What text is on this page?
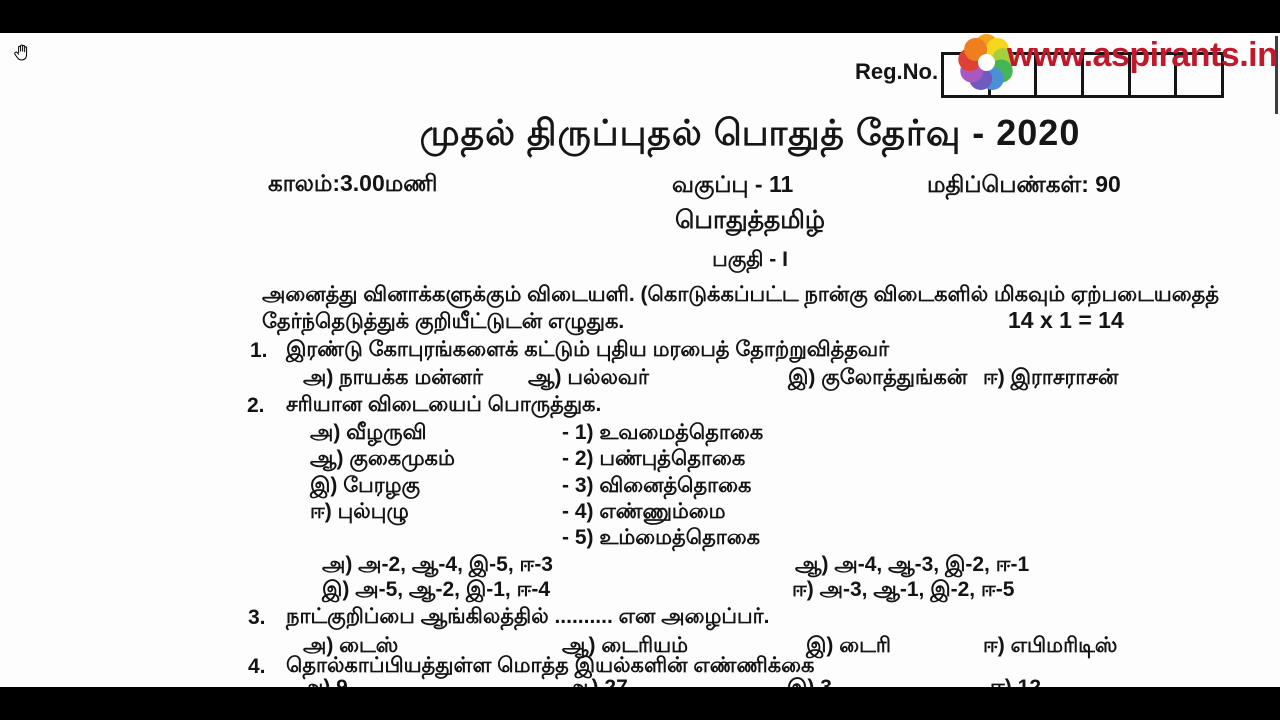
Reg.No. www.aspirants.in
முதல் திருப்புதல் பொதுத் தேர்வு - 2020
காலம்:3.00மணி	வகுப்பு - 11	மதிப்பெண்கள்: 90
பொதுத்தமிழ்
பகுதி - I
அனைத்து வினாக்களுக்கும் விடையளி. (கொடுக்கப்பட்ட நான்கு விடைகளில் மிகவும் ஏற்படையதைத்
தேர்ந்தெடுத்துக் குறியீட்டுடன் எழுதுக.	14 x 1 = 14
1. இரண்டு கோபுரங்களைக் கட்டும் புதிய மரபைத் தோற்றுவித்தவர்
அ) நாயக்க மன்னர் ஆ) பல்லவர்	இ) குலோத்துங்கன் ஈ) இராசராசன்
2. சரியான விடையைப் பொருத்துக.
அ) வீழருவி
ஆ) குகைமுகம்
இ) பேரழகு
ஈ) புல்புழு
- 1) உவமைத்தொகை
- 2) பண்புத்தொகை
- 3) வினைத்தொகை
- 4) எண்ணும்மை
- 5) உம்மைத்தொகை
அ) அ-2, ஆ-4, இ-5, ஈ-3	ஆ) அ-4, ஆ-3, இ-2, ஈ-1
இ) அ-5, ஆ-2, இ-1, ஈ-4	ஈ) அ-3, ஆ-1, இ-2, ஈ-5
3. நாட்குறிப்பை ஆங்கிலத்தில் .......... என அழைப்பர்.
அ) டைஸ்	ஆ) டைரியம்	இ) டைரி	ஈ) எபிமரிடிஸ்
4. தொல்காப்பியத்துள்ள மொத்த இயல்களின் எண்ணிக்கை
